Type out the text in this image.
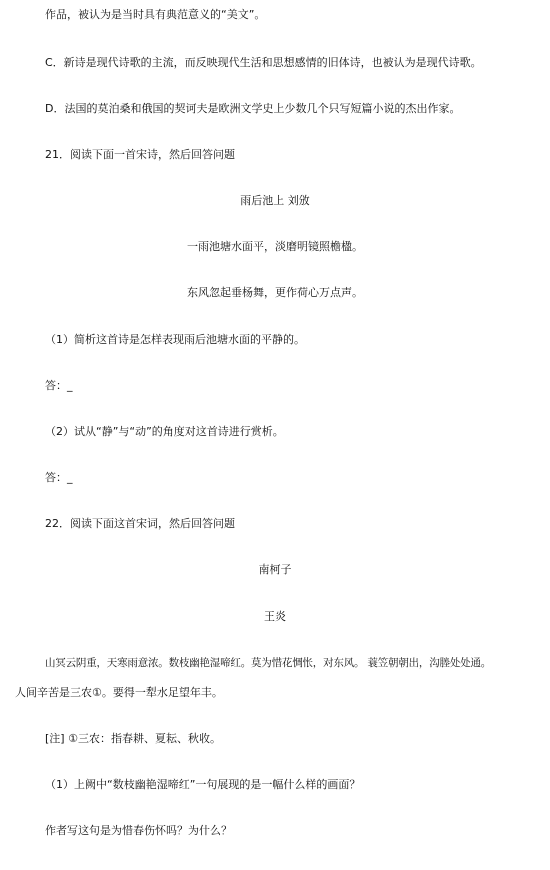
作品，被认为是当时具有典范意义的“美文”。
C．新诗是现代诗歌的主流，而反映现代生活和思想感情的旧体诗，也被认为是现代诗歌。
D．法国的莫泊桑和俄国的契诃夫是欧洲文学史上少数几个只写短篇小说的杰出作家。
21．阅读下面一首宋诗，然后回答问题
雨后池上 刘攽
一雨池塘水面平，淡磨明镜照檐楹。
东风忽起垂杨舞，更作荷心万点声。
（1）简析这首诗是怎样表现雨后池塘水面的平静的。
答：_
（2）试从“静”与“动”的角度对这首诗进行赏析。
答：_
22．阅读下面这首宋词，然后回答问题
南柯子
王炎
山冥云阴重，天寒雨意浓。数枝幽艳湿啼红。莫为惜花惆怅，对东风。 蓑笠朝朝出，沟塍处处通。
人间辛苦是三农①。要得一犁水足望年丰。
[注] ①三农：指春耕、夏耘、秋收。
（1）上阙中“数枝幽艳湿啼红”一句展现的是一幅什么样的画面？
作者写这句是为惜春伤怀吗？为什么？
